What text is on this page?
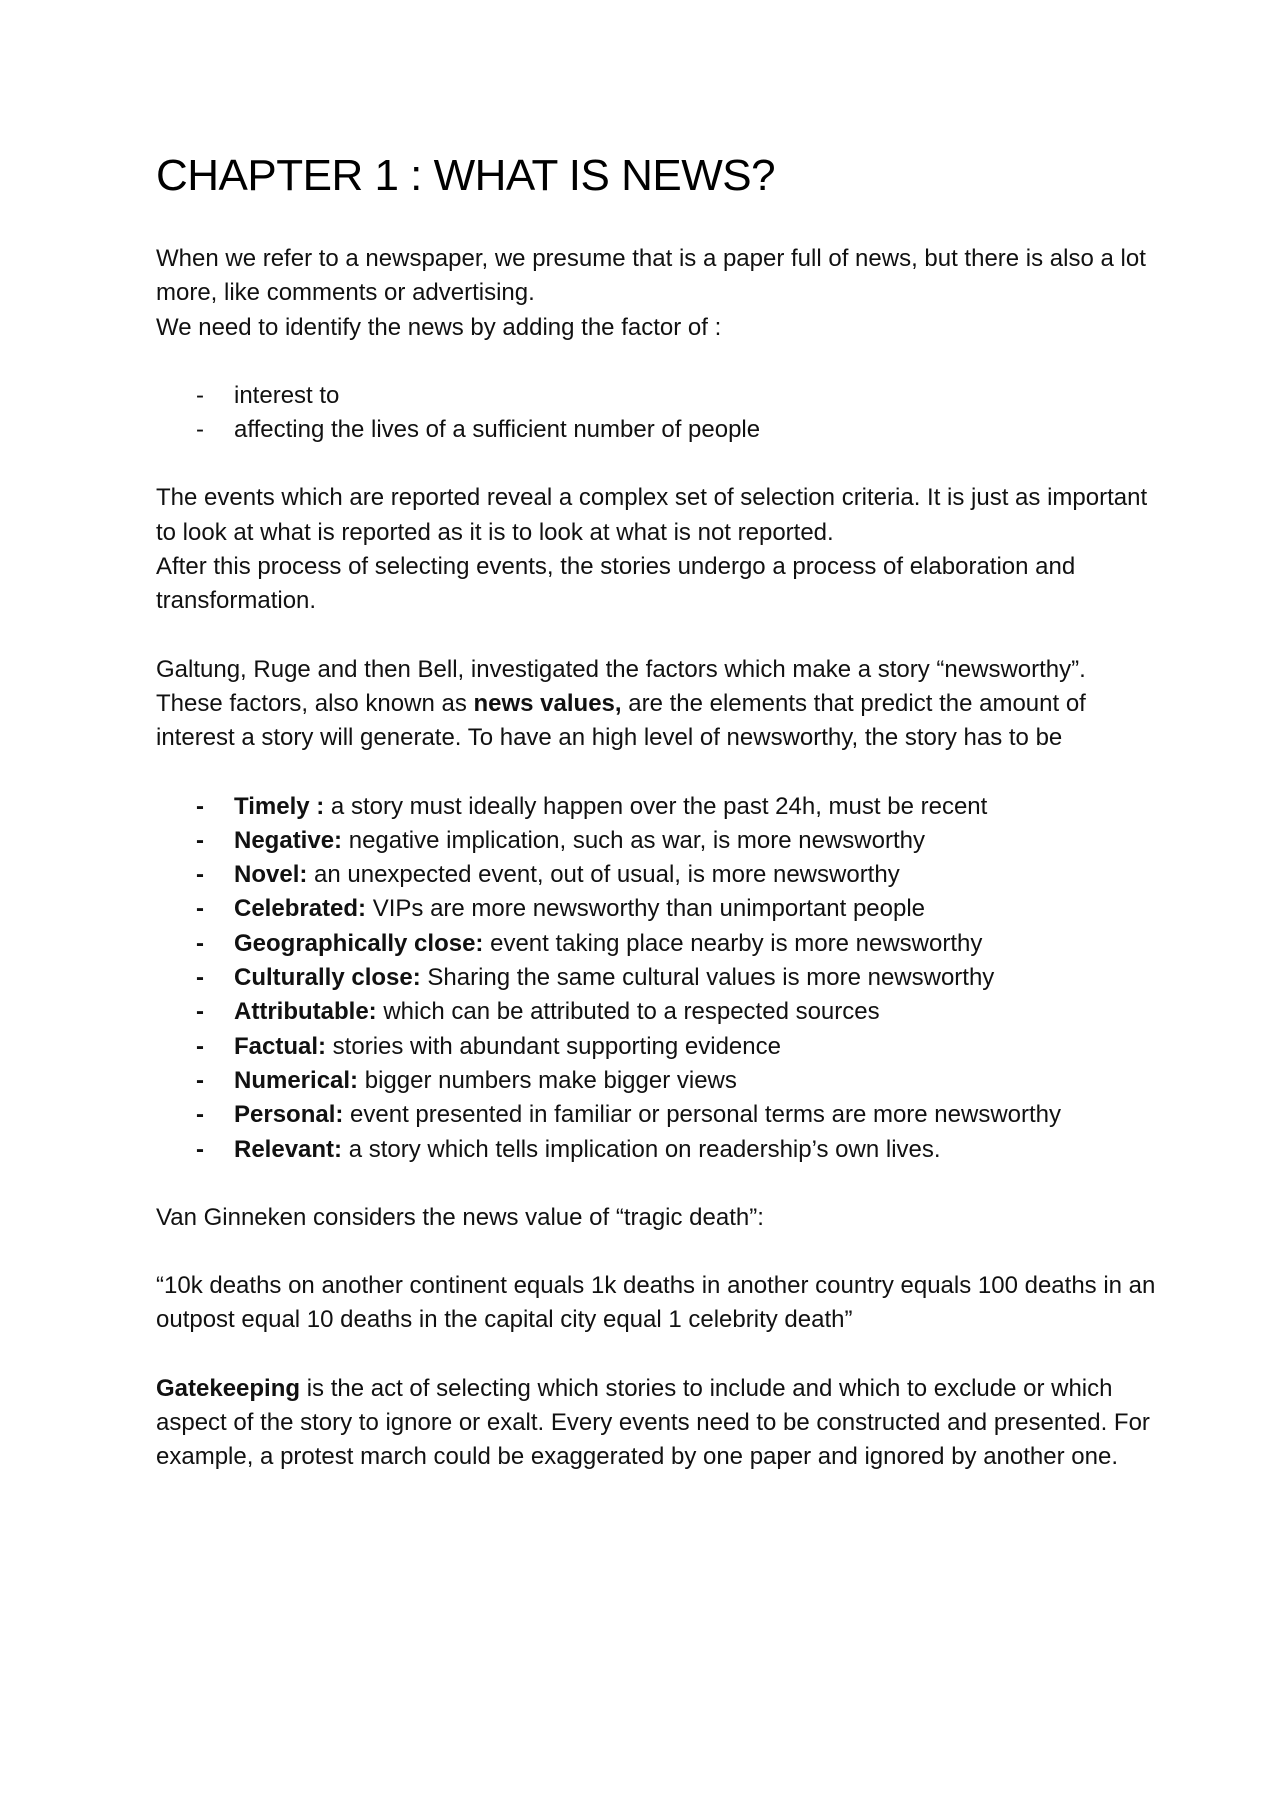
CHAPTER 1 : WHAT IS NEWS?

When we refer to a newspaper, we presume that is a paper full of news, but there is also a lot more, like comments or advertising.

We need to identify the news by adding the factor of :

- interest to
- affecting the lives of a sufficient number of people

The events which are reported reveal a complex set of selection criteria. It is just as important to look at what is reported as it is to look at what is not reported.

After this process of selecting events, the stories undergo a process of elaboration and transformation.

Galtung, Ruge and then Bell, investigated the factors which make a story “newsworthy”. These factors, also known as news values, are the elements that predict the amount of interest a story will generate. To have an high level of newsworthy, the story has to be

- Timely : a story must ideally happen over the past 24h, must be recent
- Negative: negative implication, such as war, is more newsworthy
- Novel: an unexpected event, out of usual, is more newsworthy
- Celebrated: VIPs are more newsworthy than unimportant people
- Geographically close: event taking place nearby is more newsworthy
- Culturally close: Sharing the same cultural values is more newsworthy
- Attributable: which can be attributed to a respected sources
- Factual: stories with abundant supporting evidence
- Numerical: bigger numbers make bigger views
- Personal: event presented in familiar or personal terms are more newsworthy
- Relevant: a story which tells implication on readership’s own lives.

Van Ginneken considers the news value of “tragic death”:

“10k deaths on another continent equals 1k deaths in another country equals 100 deaths in an outpost equal 10 deaths in the capital city equal 1 celebrity death”

Gatekeeping is the act of selecting which stories to include and which to exclude or which aspect of the story to ignore or exalt. Every events need to be constructed and presented. For example, a protest march could be exaggerated by one paper and ignored by another one.
